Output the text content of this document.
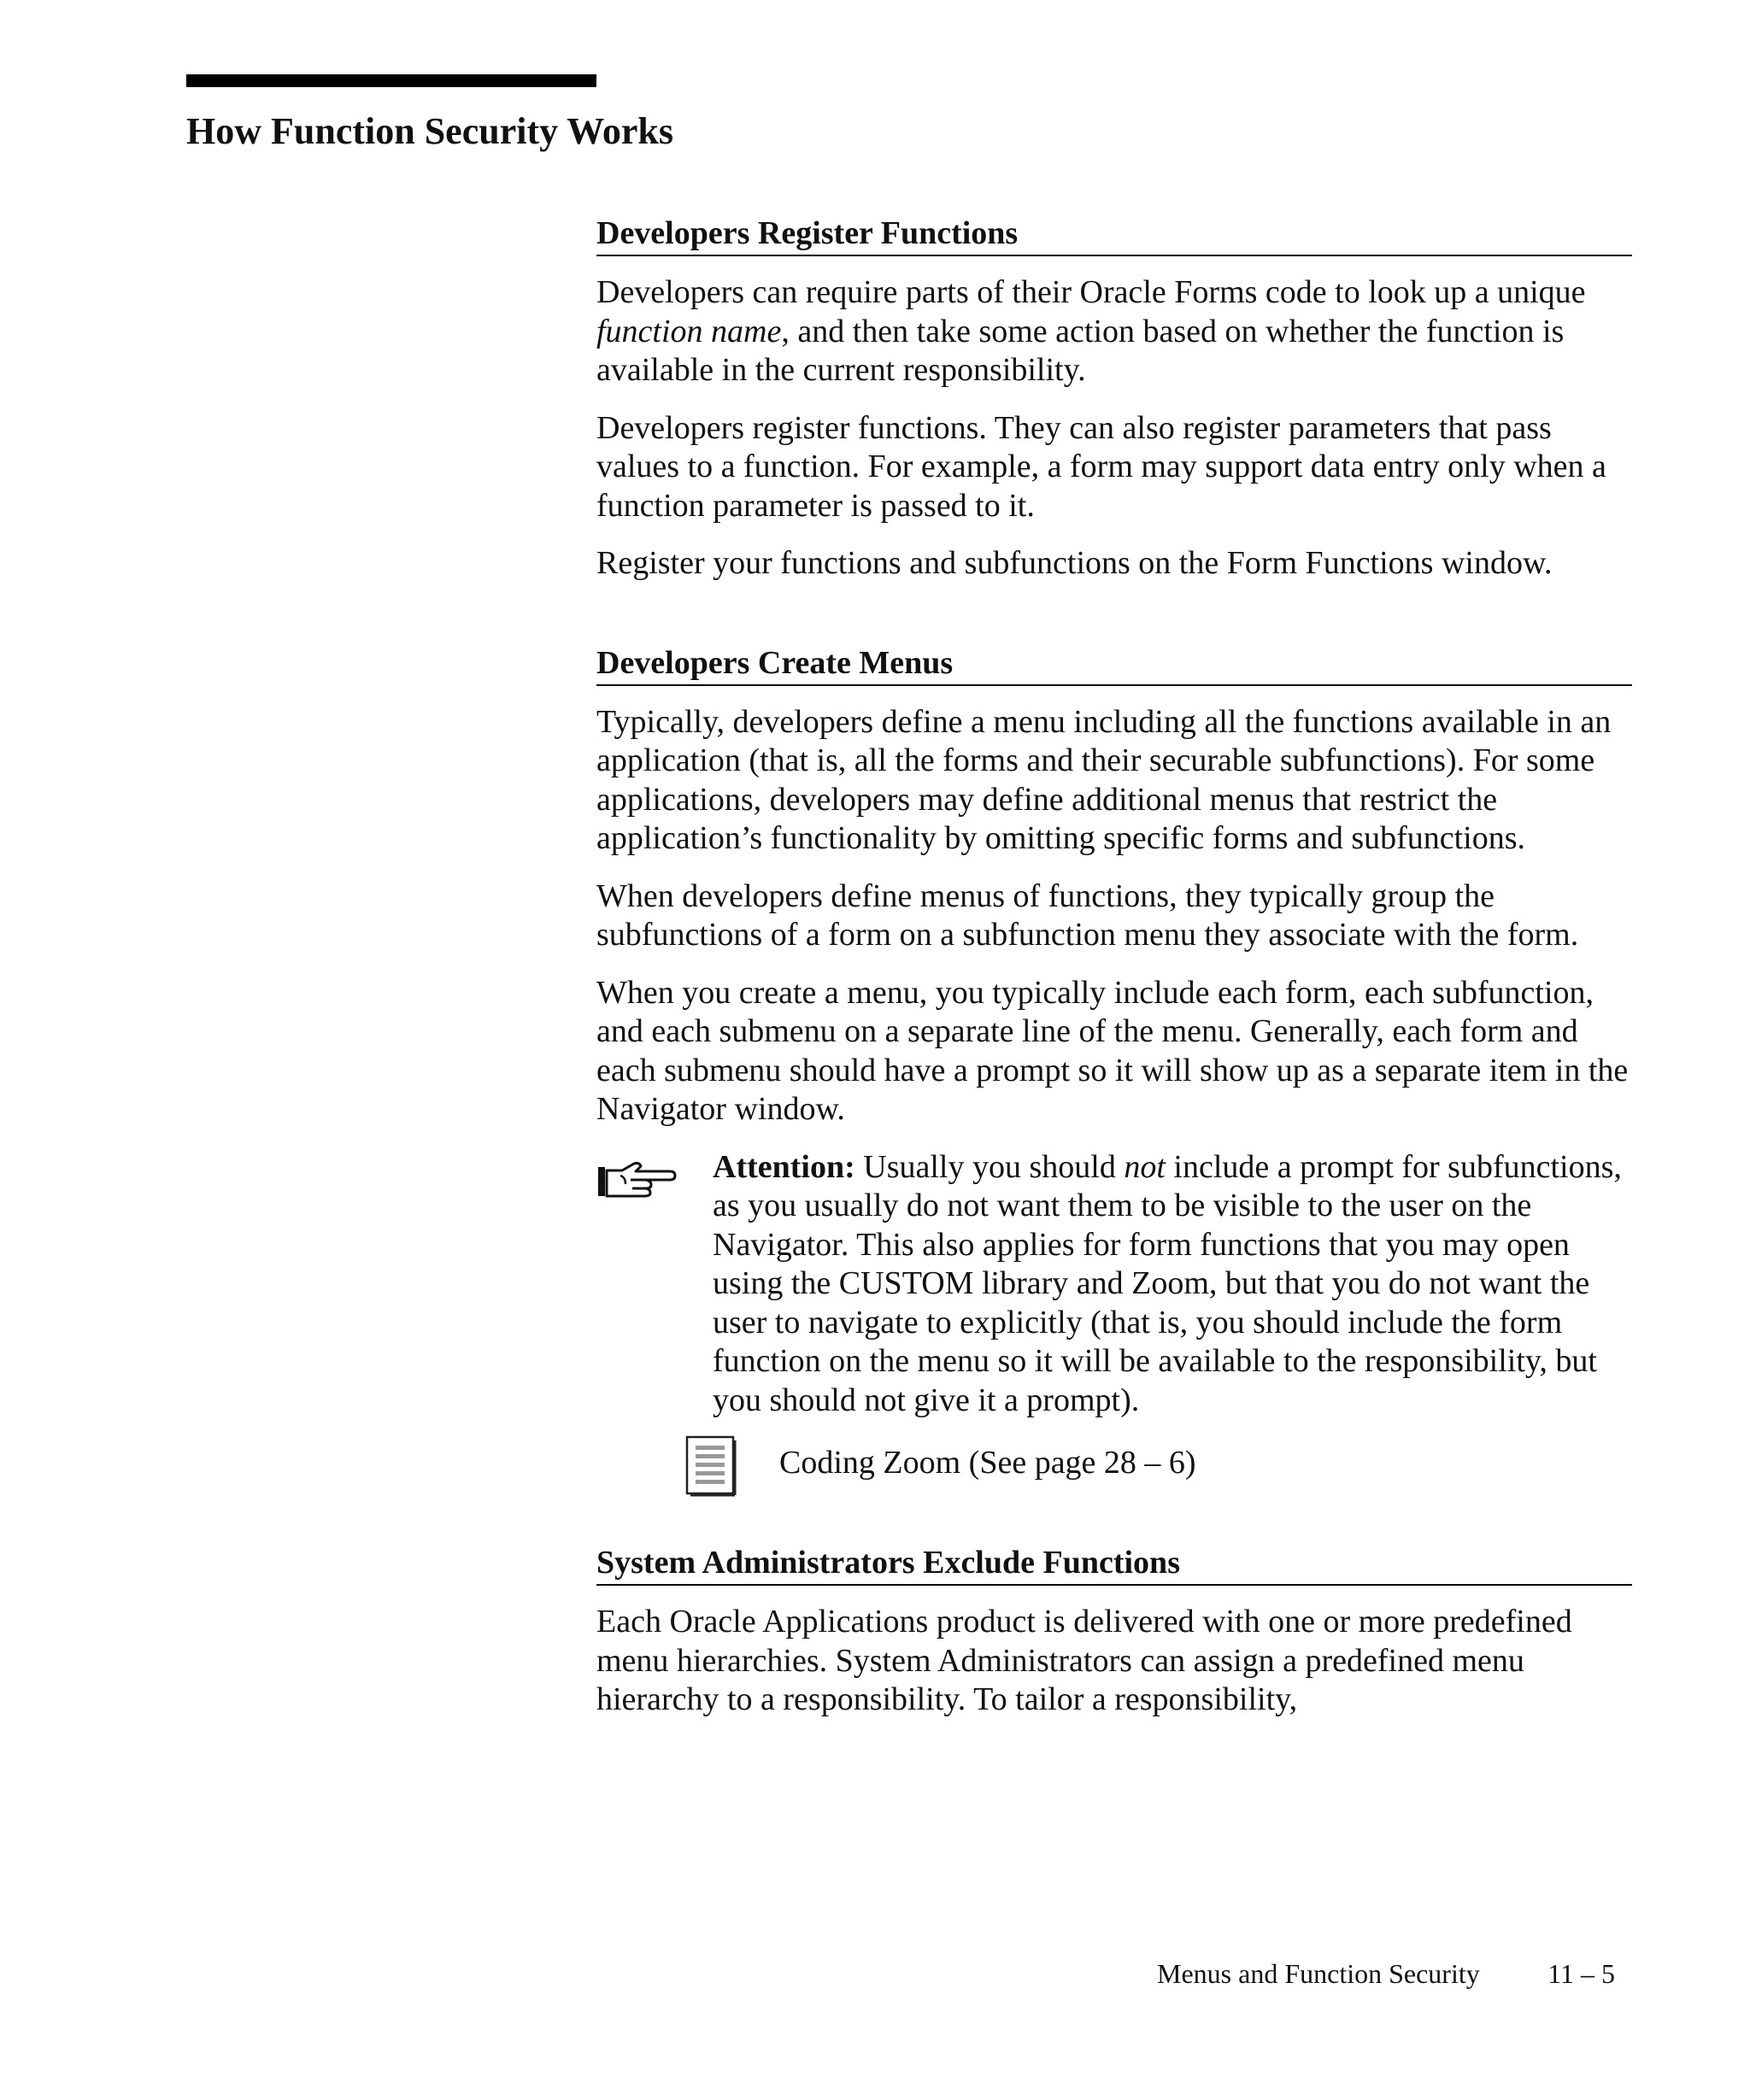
How Function Security Works
Developers Register Functions

Developers can require parts of their Oracle Forms code to look up a unique function name, and then take some action based on whether the function is available in the current responsibility.

Developers register functions. They can also register parameters that pass values to a function. For example, a form may support data entry only when a function parameter is passed to it.

Register your functions and subfunctions on the Form Functions window.

Developers Create Menus

Typically, developers define a menu including all the functions available in an application (that is, all the forms and their securable subfunctions). For some applications, developers may define additional menus that restrict the application’s functionality by omitting specific forms and subfunctions.

When developers define menus of functions, they typically group the subfunctions of a form on a subfunction menu they associate with the form.

When you create a menu, you typically include each form, each subfunction, and each submenu on a separate line of the menu. Generally, each form and each submenu should have a prompt so it will show up as a separate item in the Navigator window.

Attention: Usually you should not include a prompt for subfunctions, as you usually do not want them to be visible to the user on the Navigator. This also applies for form functions that you may open using the CUSTOM library and Zoom, but that you do not want the user to navigate to explicitly (that is, you should include the form function on the menu so it will be available to the responsibility, but you should not give it a prompt).

Coding Zoom (See page 28 – 6)
System Administrators Exclude Functions

Each Oracle Applications product is delivered with one or more predefined menu hierarchies. System Administrators can assign a predefined menu hierarchy to a responsibility. To tailor a responsibility,

Menus and Function Security 11 – 5
